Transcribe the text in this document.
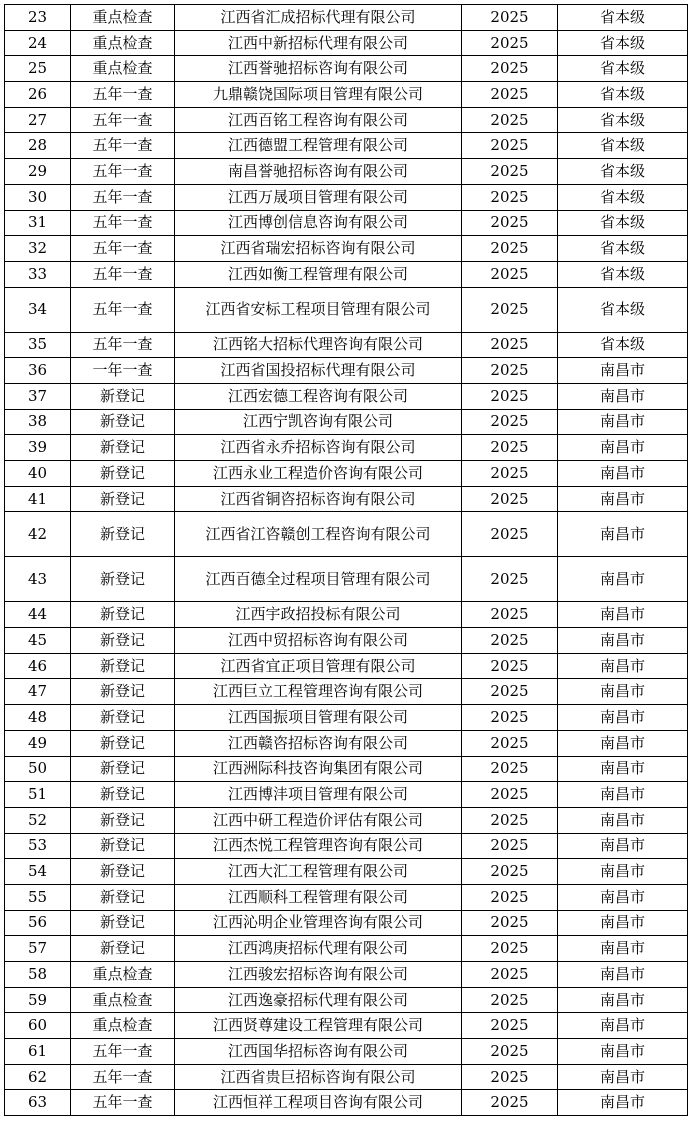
23	重点检查	江西省汇成招标代理有限公司	2025	省本级
24	重点检查	江西中新招标代理有限公司	2025	省本级
25	重点检查	江西誉驰招标咨询有限公司	2025	省本级
26	五年一查	九鼎赣饶国际项目管理有限公司	2025	省本级
27	五年一查	江西百铭工程咨询有限公司	2025	省本级
28	五年一查	江西德盟工程管理有限公司	2025	省本级
29	五年一查	南昌誉驰招标咨询有限公司	2025	省本级
30	五年一查	江西万晟项目管理有限公司	2025	省本级
31	五年一查	江西博创信息咨询有限公司	2025	省本级
32	五年一查	江西省瑞宏招标咨询有限公司	2025	省本级
33	五年一查	江西如衡工程管理有限公司	2025	省本级
34	五年一查	江西省安标工程项目管理有限公司	2025	省本级
35	五年一查	江西铭大招标代理咨询有限公司	2025	省本级
36	一年一查	江西省国投招标代理有限公司	2025	南昌市
37	新登记	江西宏德工程咨询有限公司	2025	南昌市
38	新登记	江西宁凯咨询有限公司	2025	南昌市
39	新登记	江西省永乔招标咨询有限公司	2025	南昌市
40	新登记	江西永业工程造价咨询有限公司	2025	南昌市
41	新登记	江西省铜咨招标咨询有限公司	2025	南昌市
42	新登记	江西省江咨赣创工程咨询有限公司	2025	南昌市
43	新登记	江西百德全过程项目管理有限公司	2025	南昌市
44	新登记	江西宇政招投标有限公司	2025	南昌市
45	新登记	江西中贸招标咨询有限公司	2025	南昌市
46	新登记	江西省宜正项目管理有限公司	2025	南昌市
47	新登记	江西巨立工程管理咨询有限公司	2025	南昌市
48	新登记	江西国振项目管理有限公司	2025	南昌市
49	新登记	江西赣咨招标咨询有限公司	2025	南昌市
50	新登记	江西洲际科技咨询集团有限公司	2025	南昌市
51	新登记	江西博沣项目管理有限公司	2025	南昌市
52	新登记	江西中研工程造价评估有限公司	2025	南昌市
53	新登记	江西杰悦工程管理咨询有限公司	2025	南昌市
54	新登记	江西大汇工程管理有限公司	2025	南昌市
55	新登记	江西顺科工程管理有限公司	2025	南昌市
56	新登记	江西沁明企业管理咨询有限公司	2025	南昌市
57	新登记	江西鸿庚招标代理有限公司	2025	南昌市
58	重点检查	江西骏宏招标咨询有限公司	2025	南昌市
59	重点检查	江西逸豪招标代理有限公司	2025	南昌市
60	重点检查	江西贤尊建设工程管理有限公司	2025	南昌市
61	五年一查	江西国华招标咨询有限公司	2025	南昌市
62	五年一查	江西省贵巨招标咨询有限公司	2025	南昌市
63	五年一查	江西恒祥工程项目咨询有限公司	2025	南昌市
